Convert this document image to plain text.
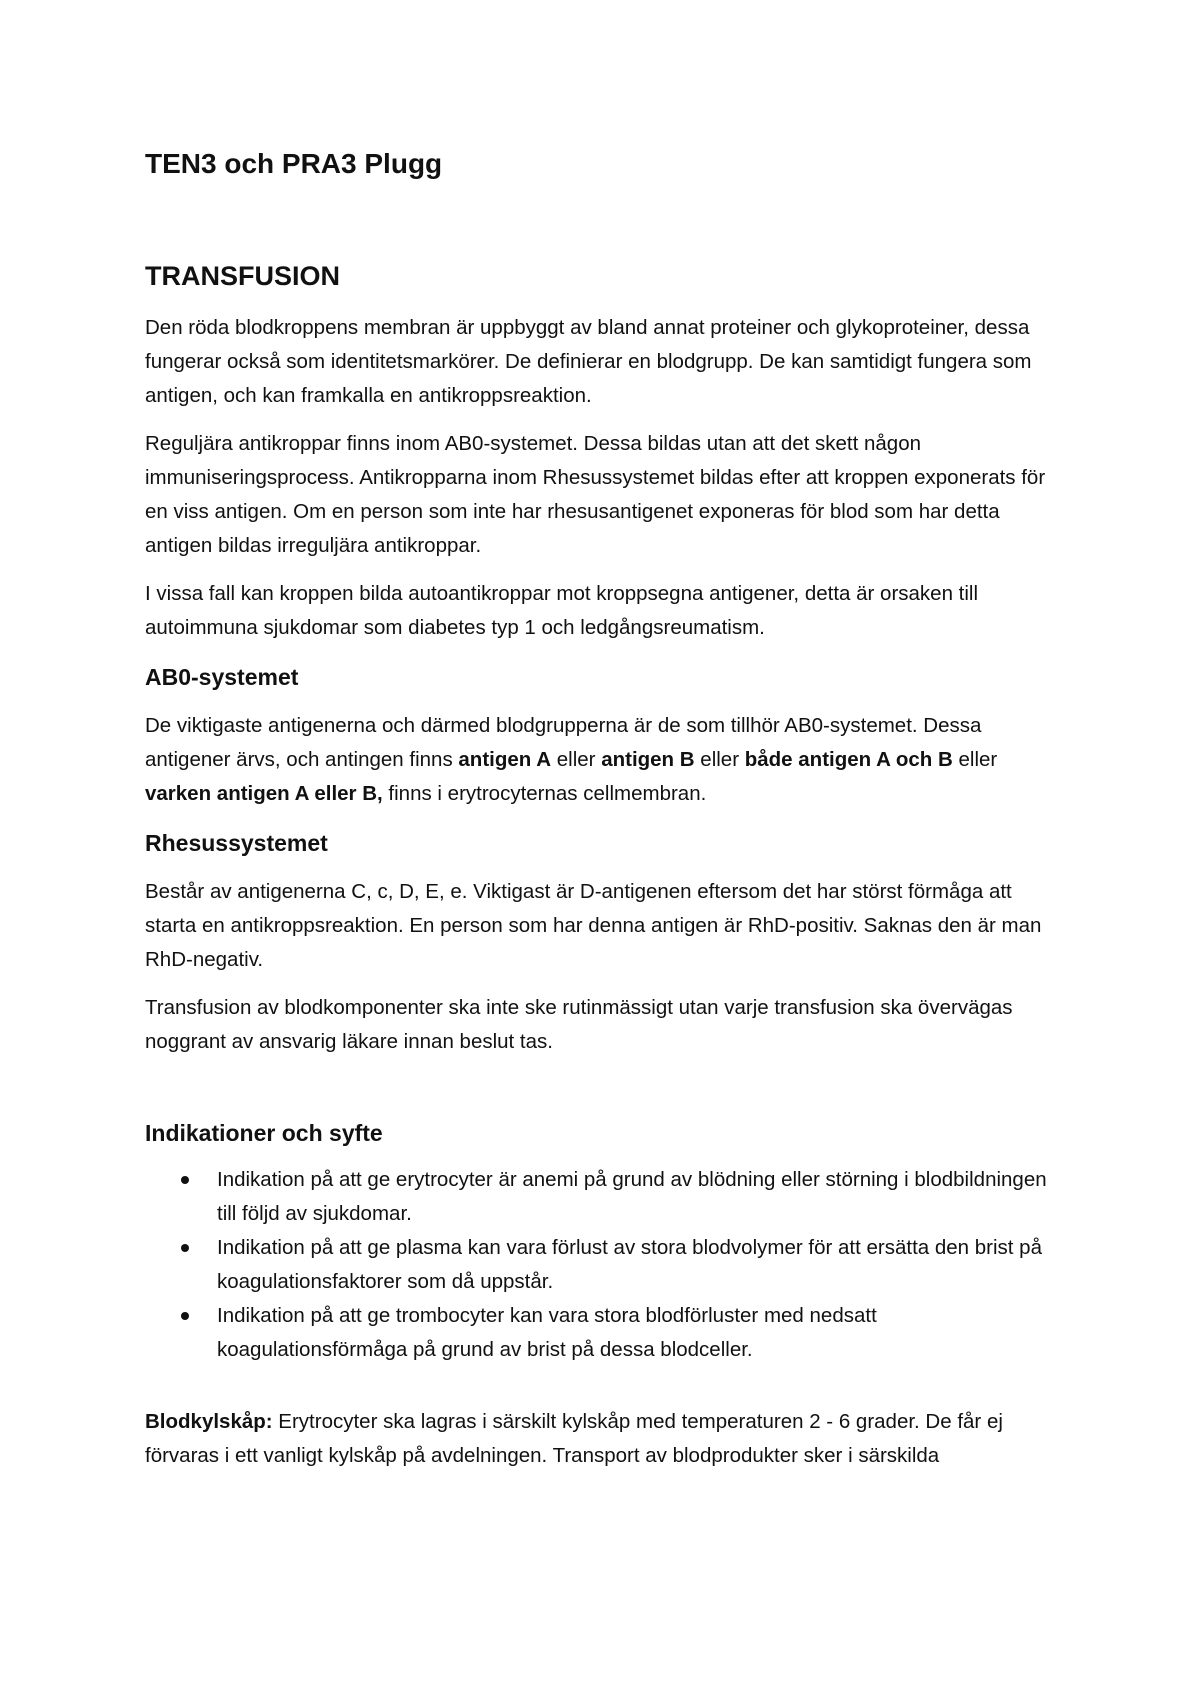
TEN3 och PRA3 Plugg
TRANSFUSION

Den röda blodkroppens membran är uppbyggt av bland annat proteiner och glykoproteiner, dessa fungerar också som identitetsmarkörer. De definierar en blodgrupp. De kan samtidigt fungera som antigen, och kan framkalla en antikroppsreaktion.

Reguljära antikroppar finns inom AB0-systemet. Dessa bildas utan att det skett någon immuniseringsprocess. Antikropparna inom Rhesussystemet bildas efter att kroppen exponerats för en viss antigen. Om en person som inte har rhesusantigenet exponeras för blod som har detta antigen bildas irreguljära antikroppar.

I vissa fall kan kroppen bilda autoantikroppar mot kroppsegna antigener, detta är orsaken till autoimmuna sjukdomar som diabetes typ 1 och ledgångsreumatism.

AB0-systemet

De viktigaste antigenerna och därmed blodgrupperna är de som tillhör AB0-systemet. Dessa antigener ärvs, och antingen finns antigen A eller antigen B eller både antigen A och B eller varken antigen A eller B, finns i erytrocyternas cellmembran.

Rhesussystemet

Består av antigenerna C, c, D, E, e. Viktigast är D-antigenen eftersom det har störst förmåga att starta en antikroppsreaktion. En person som har denna antigen är RhD-positiv. Saknas den är man RhD-negativ.

Transfusion av blodkomponenter ska inte ske rutinmässigt utan varje transfusion ska övervägas noggrant av ansvarig läkare innan beslut tas.

Indikationer och syfte
Indikation på att ge erytrocyter är anemi på grund av blödning eller störning i blodbildningen till följd av sjukdomar.
Indikation på att ge plasma kan vara förlust av stora blodvolymer för att ersätta den brist på koagulationsfaktorer som då uppstår.
Indikation på att ge trombocyter kan vara stora blodförluster med nedsatt koagulationsförmåga på grund av brist på dessa blodceller.

Blodkylskåp: Erytrocyter ska lagras i särskilt kylskåp med temperaturen 2 - 6 grader. De får ej förvaras i ett vanligt kylskåp på avdelningen. Transport av blodprodukter sker i särskilda
